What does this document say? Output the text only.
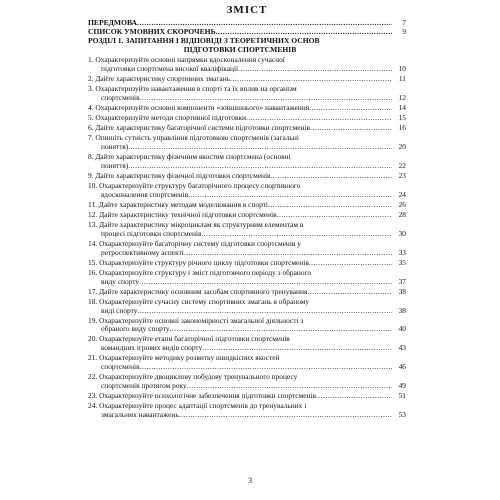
ЗМІСТ
ПЕРЕДМОВА .....	7
СПИСОК УМОВНИХ СКОРОЧЕНЬ .....	9
РОЗДІЛ 1. ЗАПИТАННЯ І ВІДПОВІДІ З ТЕОРЕТИЧНИХ ОСНОВ
ПІДГОТОВКИ СПОРТСМЕНІВ
1. Охарактеризуйте основні напрямки вдосконалення сучасної
підготовки спортсмена високої кваліфікації .....	10
2. Дайте характеристику спортивних змагань .....	11
3. Охарактеризуйте навантаження в спорті та їх вплив на організм
спортсменів .....	12
4. Охарактеризуйте основні компоненти «зовнішнього» навантаження .....	14
5. Охарактеризуйте методи спортивної підготовки .....	15
6. Дайте характеристику багаторічної системи підготовки спортсменів .....	16
7. Опишіть сутність управління підготовкою спортсменів (загальні
поняття) .....	20
8. Дайте характеристику фізичним якостям спортсмена (основні
поняття) .....	22
9. Дайте характеристику фізичної підготовки спортсменів .....	23
10. Охарактеризуйте структуру багаторічного процесу спортивного
вдосконалення спортсменів .....	24
11. Дайте характеристику методам моделювання в спорті .....	26
12. Дайте характеристику технічної підготовки спортсменів .....	28
13. Дайте характеристику мікроциклам як структурним елементам в
процесі підготовки спортсменів .....	30
14. Охарактеризуйте багаторічну систему підготовки спортсменів у
ретроспективному аспекті .....	33
15. Охарактеризуйте структуру річного циклу підготовки спортсменів .....	35
16. Охарактеризуйте структуру і зміст підготовчого періоду з обраного
виду спорту .....	37
17. Дайте характеристику основним засобам спортивного тренування .....	38
18. Охарактеризуйте сучасну систему спортивних змагань в обраному
виді спорту .....	38
19. Охарактеризуйте основні закономірності змагальної діяльності з
обраного виду спорту .....	40
20. Охарактеризуйте етапи багаторічної підготовки спортсменів
командних ігрових видів спорту .....	43
21. Охарактеризуйте методику розвитку швидкісних якостей
спортсменів .....	46
22. Охарактеризуйте двоциклову побудову тренувального процесу
спортсменів протягом року .....	49
23. Охарактеризуйте психологічне забезпечення підготовки спортсменів .....	51
24. Охарактеризуйте процес адаптації спортсменів до тренувальних і
змагальних навантажень .....	53
3
